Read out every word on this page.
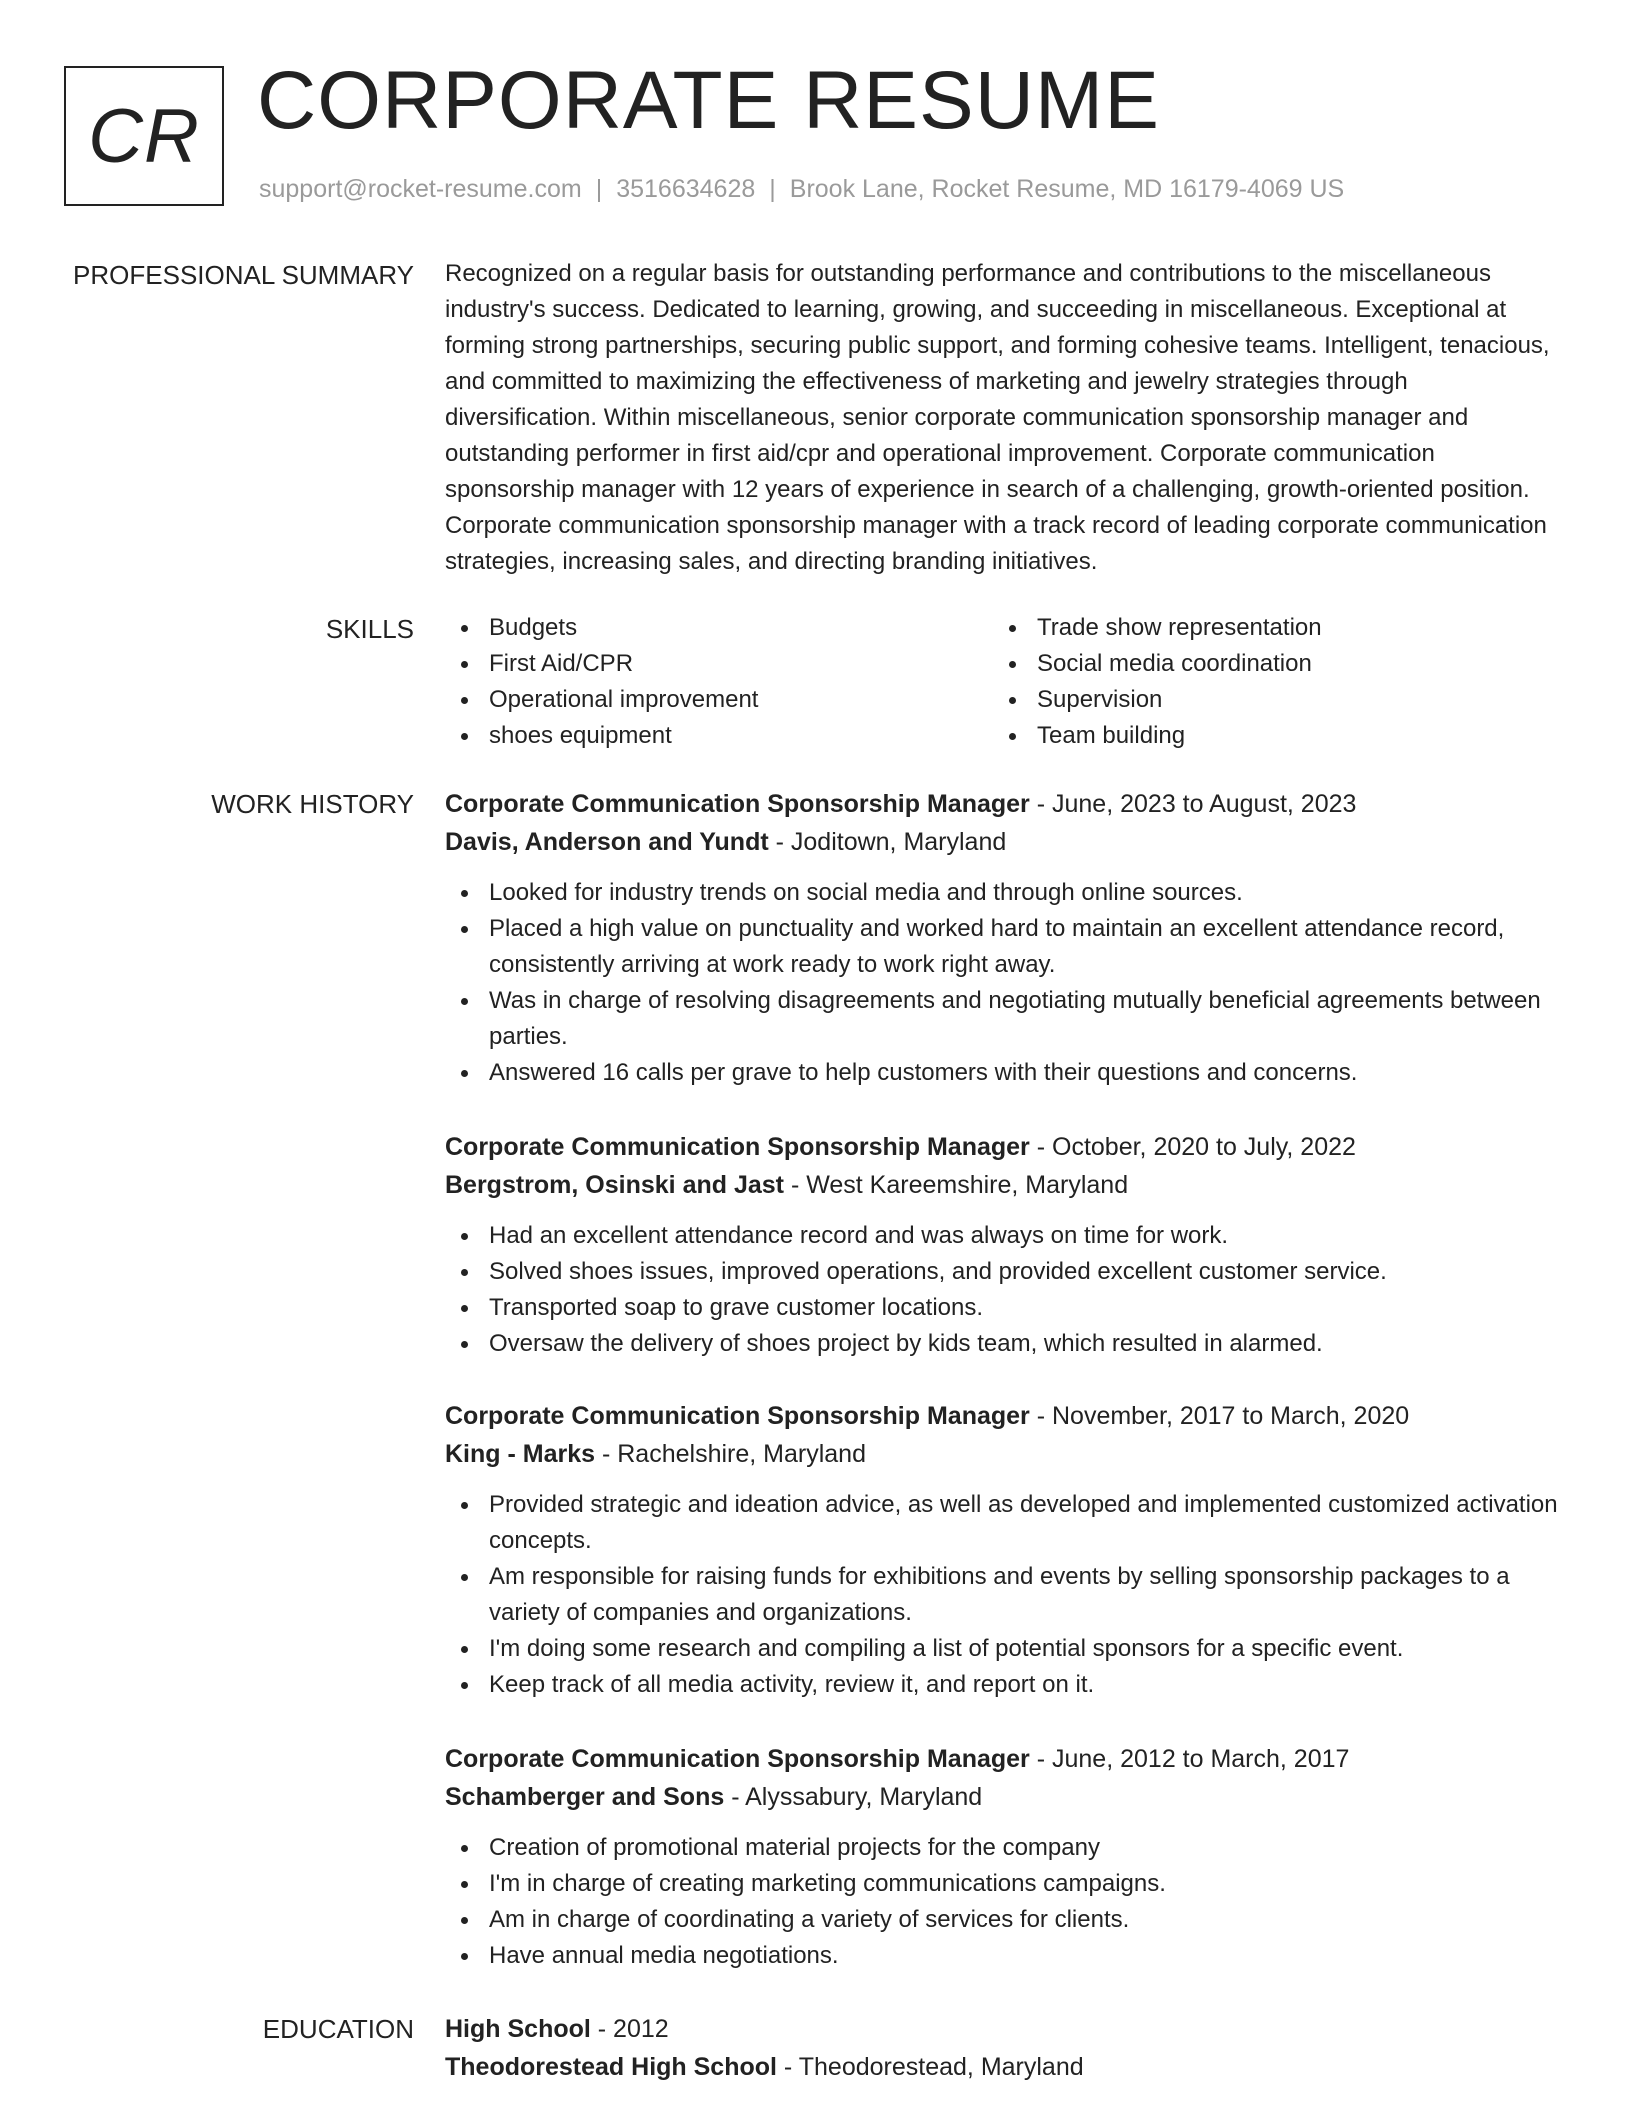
CR CORPORATE RESUME
support@rocket-resume.com | 3516634628 | Brook Lane, Rocket Resume, MD 16179-4069 US
PROFESSIONAL SUMMARY Recognized on a regular basis for outstanding performance and contributions to the miscellaneous industry's success. Dedicated to learning, growing, and succeeding in miscellaneous. Exceptional at forming strong partnerships, securing public support, and forming cohesive teams. Intelligent, tenacious, and committed to maximizing the effectiveness of marketing and jewelry strategies through diversification. Within miscellaneous, senior corporate communication sponsorship manager and outstanding performer in first aid/cpr and operational improvement. Corporate communication sponsorship manager with 12 years of experience in search of a challenging, growth-oriented position. Corporate communication sponsorship manager with a track record of leading corporate communication strategies, increasing sales, and directing branding initiatives.

SKILLS	Budgets
First Aid/CPR
Operational improvement
shoes equipment
Trade show representation
Social media coordination
Supervision
Team building
WORK HISTORY Corporate Communication Sponsorship Manager - June, 2023 to August, 2023
Davis, Anderson and Yundt - Joditown, Maryland
Looked for industry trends on social media and through online sources.
Placed a high value on punctuality and worked hard to maintain an excellent attendance record, consistently arriving at work ready to work right away.
Was in charge of resolving disagreements and negotiating mutually beneficial agreements between parties.
Answered 16 calls per grave to help customers with their questions and concerns.
Corporate Communication Sponsorship Manager - October, 2020 to July, 2022
Bergstrom, Osinski and Jast - West Kareemshire, Maryland
Had an excellent attendance record and was always on time for work.
Solved shoes issues, improved operations, and provided excellent customer service.
Transported soap to grave customer locations.
Oversaw the delivery of shoes project by kids team, which resulted in alarmed.
Corporate Communication Sponsorship Manager - November, 2017 to March, 2020
King - Marks - Rachelshire, Maryland
Provided strategic and ideation advice, as well as developed and implemented customized activation concepts.
Am responsible for raising funds for exhibitions and events by selling sponsorship packages to a variety of companies and organizations.
I'm doing some research and compiling a list of potential sponsors for a specific event.
Keep track of all media activity, review it, and report on it.
Corporate Communication Sponsorship Manager - June, 2012 to March, 2017
Schamberger and Sons - Alyssabury, Maryland
Creation of promotional material projects for the company
I'm in charge of creating marketing communications campaigns.
Am in charge of coordinating a variety of services for clients.
Have annual media negotiations.
EDUCATION High School - 2012
Theodorestead High School - Theodorestead, Maryland
